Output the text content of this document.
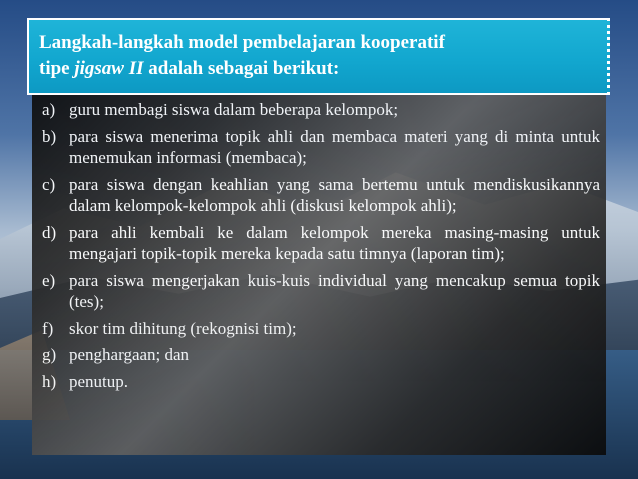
Langkah-langkah model pembelajaran kooperatif
tipe jigsaw II adalah sebagai berikut:

a) guru membagi siswa dalam beberapa kelompok;
b) para siswa menerima topik ahli dan membaca materi yang di minta untuk menemukan informasi (membaca);
c) para siswa dengan keahlian yang sama bertemu untuk mendiskusikannya dalam kelompok-kelompok ahli (diskusi kelompok ahli);
d) para ahli kembali ke dalam kelompok mereka masing-masing untuk mengajari topik-topik mereka kepada satu timnya (laporan tim);
e) para siswa mengerjakan kuis-kuis individual yang mencakup semua topik (tes);
f) skor tim dihitung (rekognisi tim);
g) penghargaan; dan
h) penutup.
